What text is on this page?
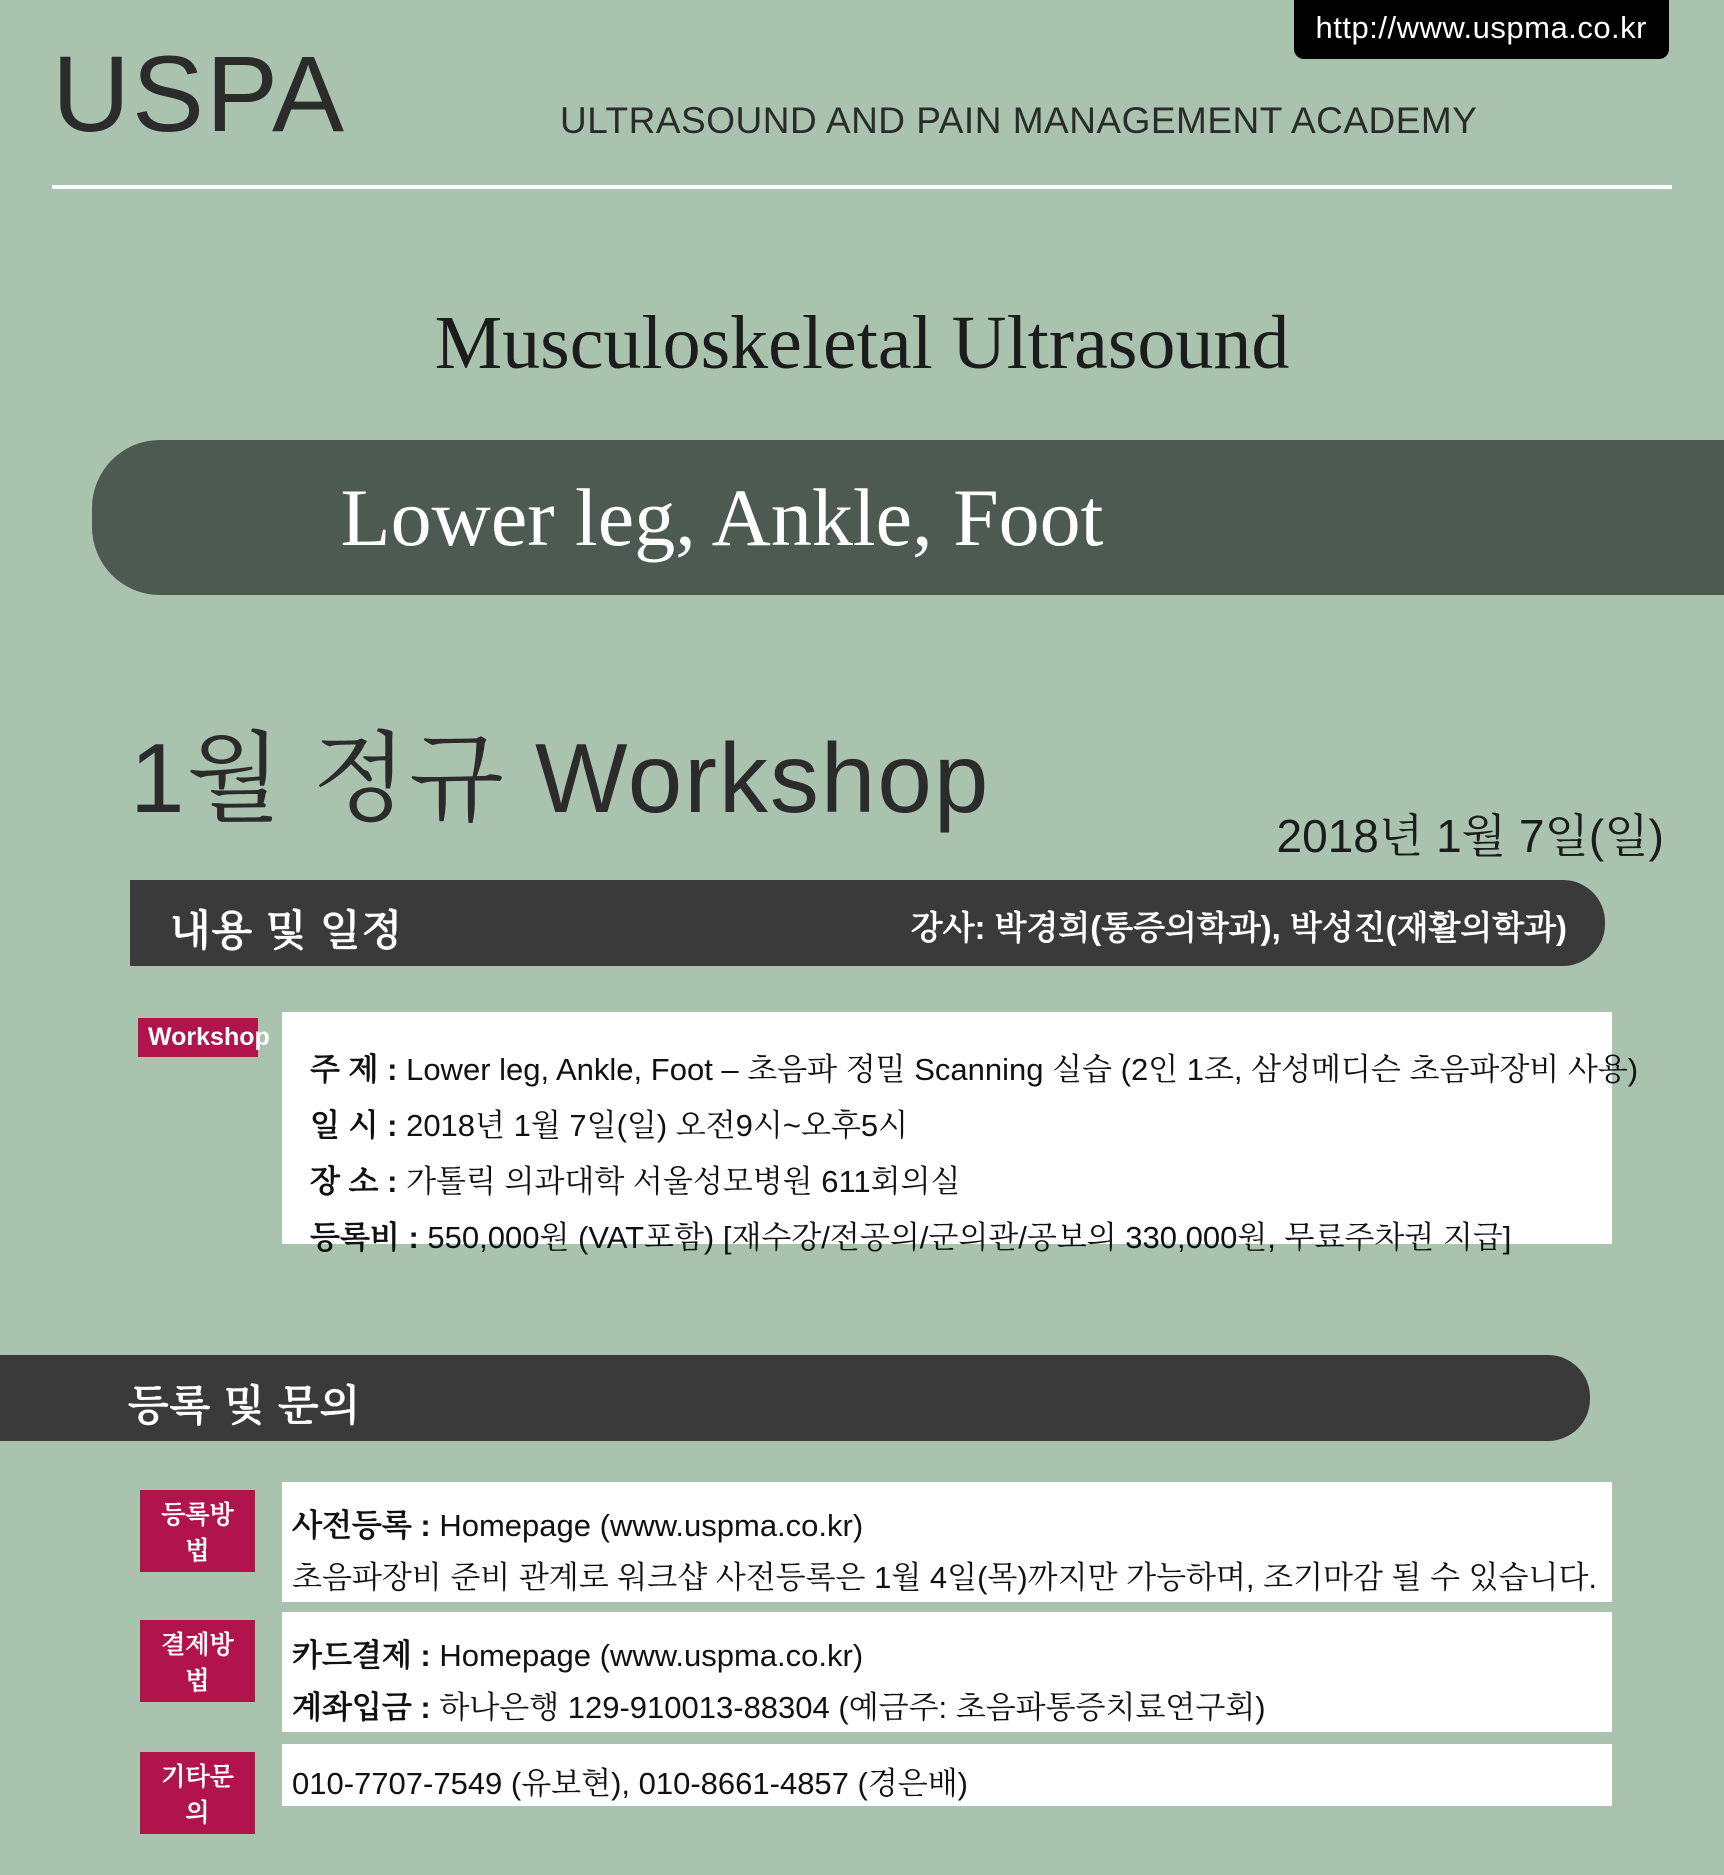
http://www.uspma.co.kr
USPA	ULTRASOUND AND PAIN MANAGEMENT ACADEMY
Musculoskeletal Ultrasound
Lower leg, Ankle, Foot
1월 정규 Workshop
2018년 1월 7일(일)
내용 및 일정	강사: 박경희(통증의학과), 박성진(재활의학과)
Workshop
주 제 : Lower leg, Ankle, Foot – 초음파 정밀 Scanning 실습 (2인 1조, 삼성메디슨 초음파장비 사용)
일 시 : 2018년 1월 7일(일) 오전9시~오후5시
장 소 : 가톨릭 의과대학 서울성모병원 611회의실
등록비 : 550,000원 (VAT포함) [재수강/전공의/군의관/공보의 330,000원, 무료주차권 지급]
등록 및 문의
등록방법
사전등록 : Homepage (www.uspma.co.kr)
초음파장비 준비 관계로 워크샵 사전등록은 1월 4일(목)까지만 가능하며, 조기마감 될 수 있습니다.
결제방법
카드결제 : Homepage (www.uspma.co.kr)
계좌입금 : 하나은행 129-910013-88304 (예금주: 초음파통증치료연구회)
기타문의
010-7707-7549 (유보현), 010-8661-4857 (경은배)
